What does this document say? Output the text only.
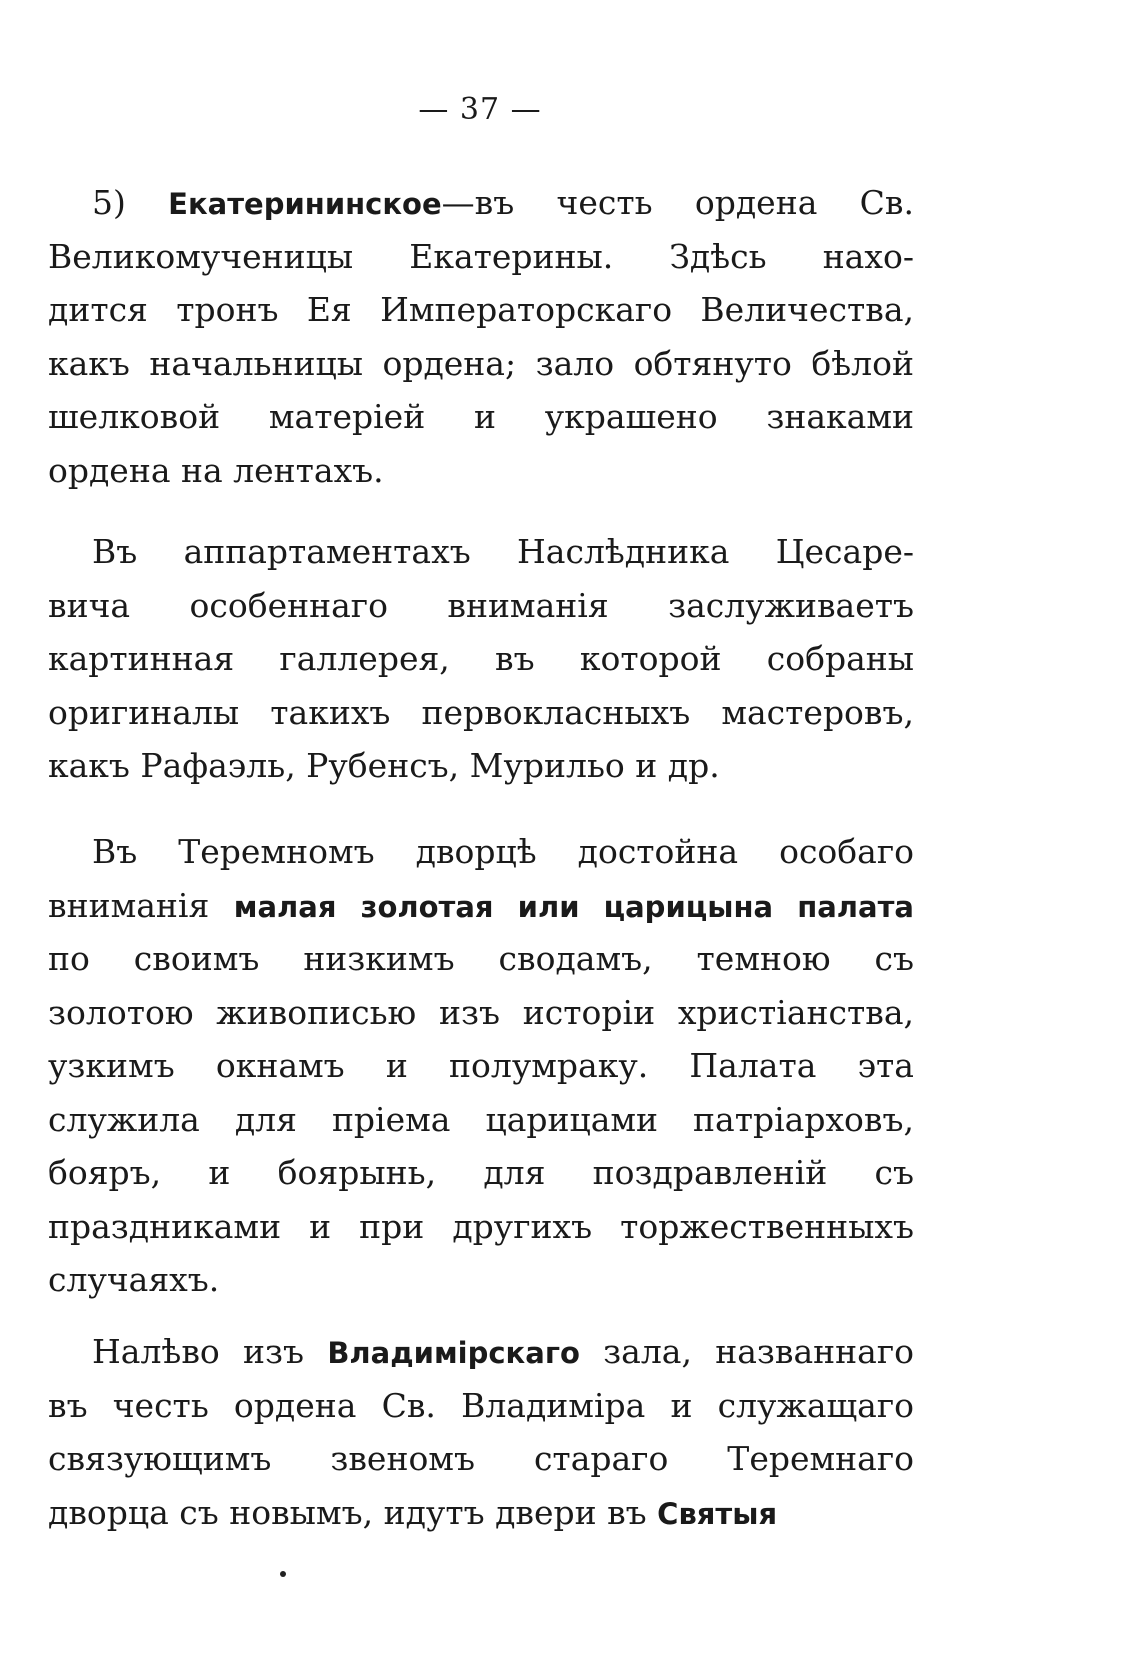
— 37 —
5) Екатерининское—въ честь ордена Св.
Великомученицы Екатерины. Здѣсь нахо-
дится тронъ Ея Императорскаго Величества,
какъ начальницы ордена; зало обтянуто бѣлой
шелковой матеріей и украшено знаками
ордена на лентахъ.
Въ аппартаментахъ Наслѣдника Цесаре-
вича особеннаго вниманія заслуживаетъ
картинная галлерея, въ которой собраны
оригиналы такихъ первокласныхъ мастеровъ,
какъ Рафаэль, Рубенсъ, Мурильо и др.
Въ Теремномъ дворцѣ достойна особаго
вниманія малая золотая или царицына палата
по своимъ низкимъ сводамъ, темною съ
золотою живописью изъ исторіи христіанства,
узкимъ окнамъ и полумраку. Палата эта
служила для пріема царицами патріарховъ,
бояръ, и боярынь, для поздравленій съ
праздниками и при другихъ торжественныхъ
случаяхъ.
Налѣво изъ Владимірскаго зала, названнаго
въ честь ордена Св. Владиміра и служащаго
связующимъ звеномъ стараго Теремнаго
дворца съ новымъ, идутъ двери въ Святыя
